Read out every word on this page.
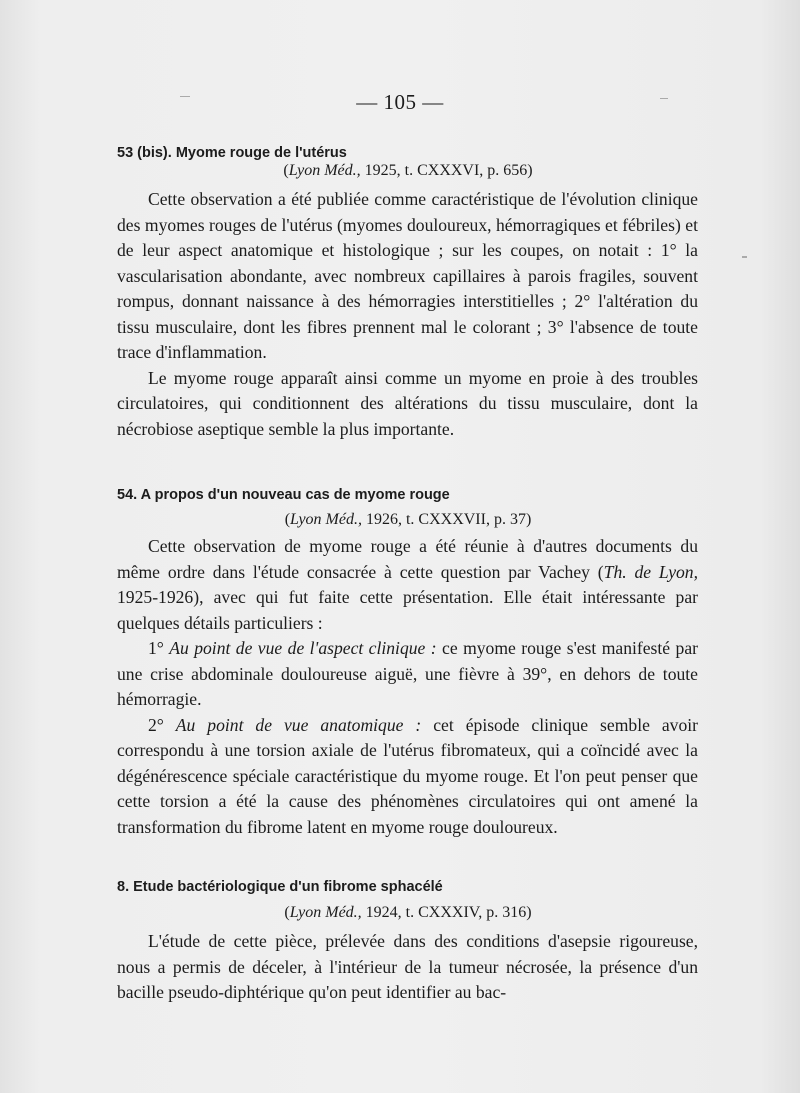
— 105 —
53 (bis). Myome rouge de l'utérus
(Lyon Méd., 1925, t. CXXXVI, p. 656)

Cette observation a été publiée comme caractéristique de l'évolution clinique des myomes rouges de l'utérus (myomes douloureux, hémorragiques et fébriles) et de leur aspect anatomique et histologique ; sur les coupes, on notait : 1° la vascularisation abondante, avec nombreux capillaires à parois fragiles, souvent rompus, donnant naissance à des hémorragies interstitielles ; 2° l'altération du tissu musculaire, dont les fibres prennent mal le colorant ; 3° l'absence de toute trace d'inflammation.

Le myome rouge apparaît ainsi comme un myome en proie à des troubles circulatoires, qui conditionnent des altérations du tissu musculaire, dont la nécrobiose aseptique semble la plus importante.

54. A propos d'un nouveau cas de myome rouge
(Lyon Méd., 1926, t. CXXXVII, p. 37)

Cette observation de myome rouge a été réunie à d'autres documents du même ordre dans l'étude consacrée à cette question par Vachey (Th. de Lyon, 1925-1926), avec qui fut faite cette présentation. Elle était intéressante par quelques détails particuliers :

1° Au point de vue de l'aspect clinique : ce myome rouge s'est manifesté par une crise abdominale douloureuse aiguë, une fièvre à 39°, en dehors de toute hémorragie.

2° Au point de vue anatomique : cet épisode clinique semble avoir correspondu à une torsion axiale de l'utérus fibromateux, qui a coïncidé avec la dégénérescence spéciale caractéristique du myome rouge. Et l'on peut penser que cette torsion a été la cause des phénomènes circulatoires qui ont amené la transformation du fibrome latent en myome rouge douloureux.

8. Etude bactériologique d'un fibrome sphacélé
(Lyon Méd., 1924, t. CXXXIV, p. 316)

L'étude de cette pièce, prélevée dans des conditions d'asepsie rigoureuse, nous a permis de déceler, à l'intérieur de la tumeur nécrosée, la présence d'un bacille pseudo-diphtérique qu'on peut identifier au bac-
